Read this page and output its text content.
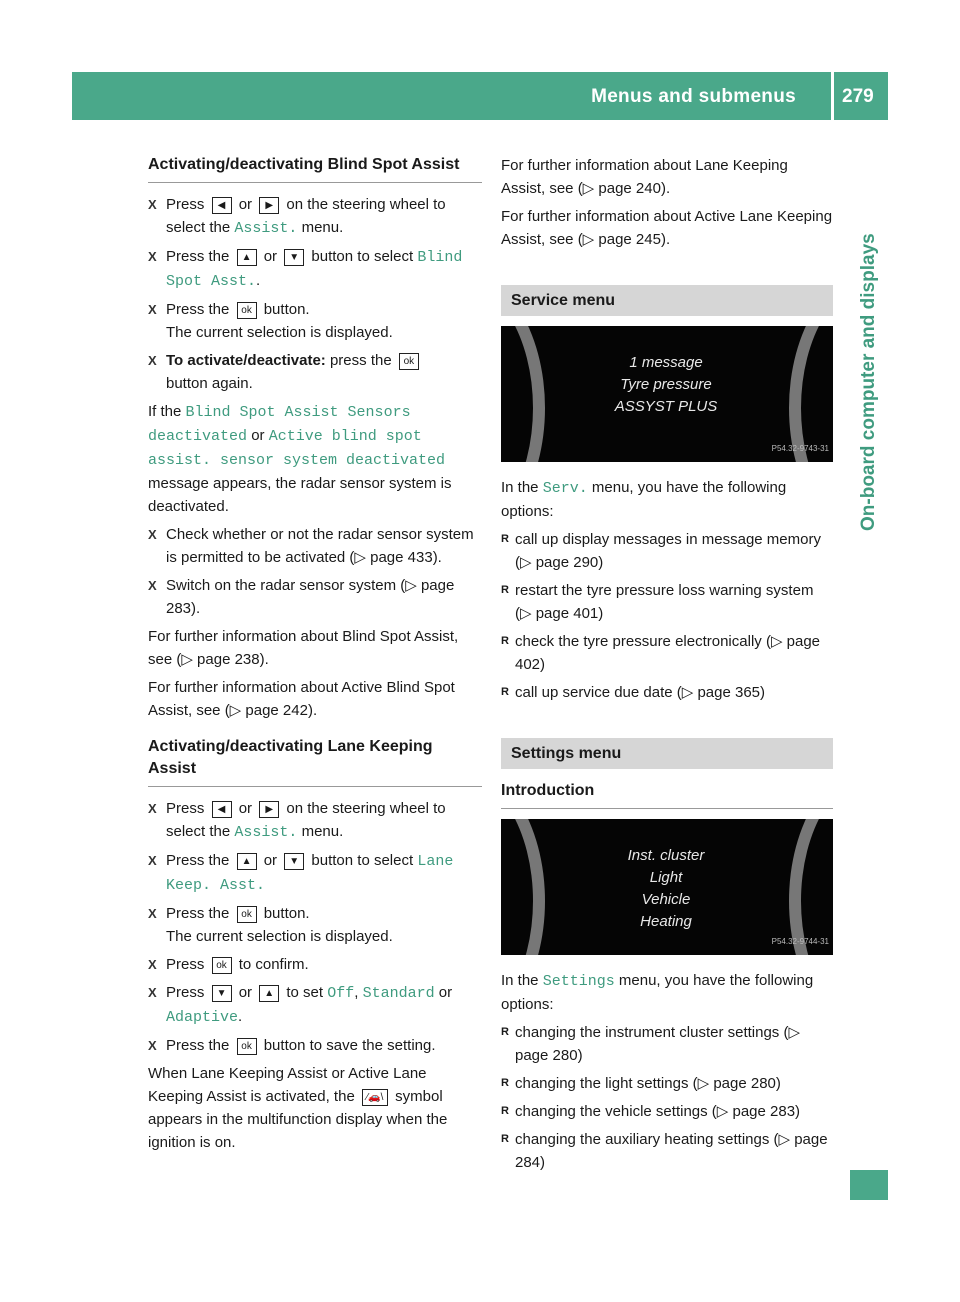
Menus and submenus 279
On-board computer and displays
Activating/deactivating Blind Spot Assist
X Press ◀ or ▶ on the steering wheel to select the Assist. menu.
X Press the ▲ or ▼ button to select Blind Spot Asst..
X Press the ok button.
The current selection is displayed.
X To activate/deactivate: press the ok
button again.

If the Blind Spot Assist Sensors deactivated or Active blind spot assist. sensor system deactivated message appears, the radar sensor system is deactivated.

X Check whether or not the radar sensor system is permitted to be activated (▷ page 433).
X Switch on the radar sensor system (▷ page 283).

For further information about Blind Spot Assist, see (▷ page 238).

For further information about Active Blind Spot Assist, see (▷ page 242).

Activating/deactivating Lane Keeping Assist
X Press ◀ or ▶ on the steering wheel to select the Assist. menu.
X Press the ▲ or ▼ button to select Lane Keep. Asst.
X Press the ok button.
The current selection is displayed.
X Press ok to confirm.
X Press ▼ or ▲ to set Off, Standard or Adaptive.
X Press the ok button to save the setting.

When Lane Keeping Assist or Active Lane Keeping Assist is activated, the ⁄🚗\ symbol appears in the multifunction display when the ignition is on.

For further information about Lane Keeping Assist, see (▷ page 240).

For further information about Active Lane Keeping Assist, see (▷ page 245).

Service menu
1 message
Tyre pressure
ASSYST PLUS
P54.32-9743-31

In the Serv. menu, you have the following options:

R call up display messages in message memory (▷ page 290)
R restart the tyre pressure loss warning system (▷ page 401)
R check the tyre pressure electronically (▷ page 402)
R call up service due date (▷ page 365)
Settings menu
Introduction
Inst. cluster
Light
Vehicle
Heating
P54.32-9744-31

In the Settings menu, you have the following options:

R changing the instrument cluster settings (▷ page 280)
R changing the light settings (▷ page 280)
R changing the vehicle settings (▷ page 283)
R changing the auxiliary heating settings (▷ page 284)
